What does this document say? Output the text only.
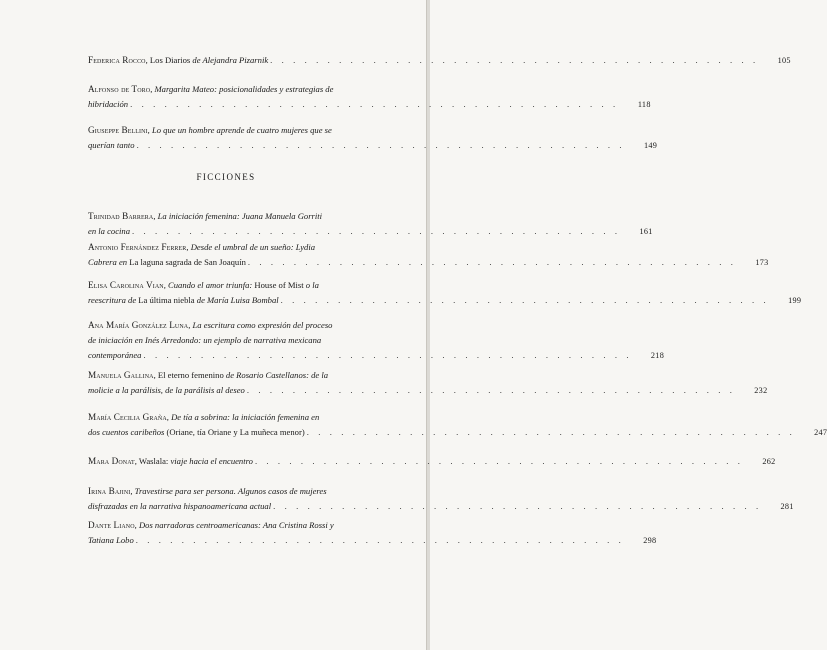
FICCIONES
Federica Rocco, Los Diarios de Alejandra Pizarnik . . . . . . . . . . . . . . . . . . . . . . . . . . . . . . . . . . . . . . . . . . .	105
Alfonso de Toro, Margarita Mateo: posicionalidades y estrategias de
hibridación . . . . . . . . . . . . . . . . . . . . . . . . . . . . . . . . . . . . . . . . . . .	118
Giuseppe Bellini, Lo que un hombre aprende de cuatro mujeres que se
querían tanto . . . . . . . . . . . . . . . . . . . . . . . . . . . . . . . . . . . . . . . . . . .	149
Trinidad Barrera, La iniciación femenina: Juana Manuela Gorriti
en la cocina . . . . . . . . . . . . . . . . . . . . . . . . . . . . . . . . . . . . . . . . . . .	161
Antonio Fernández Ferrer, Desde el umbral de un sueño: Lydia
Cabrera en La laguna sagrada de San Joaquín . . . . . . . . . . . . . . . . . . . . . . . . . . . . . . . . . . . . . . . . . . .	173
Elisa Carolina Vian, Cuando el amor triunfa: House of Mist o la
reescritura de La última niebla de María Luisa Bombal . . . . . . . . . . . . . . . . . . . . . . . . . . . . . . . . . . . . . . . . . . .	199
Ana María González Luna, La escritura como expresión del proceso
de iniciación en Inés Arredondo: un ejemplo de narrativa mexicana
contemporánea . . . . . . . . . . . . . . . . . . . . . . . . . . . . . . . . . . . . . . . . . . .	218
Manuela Gallina, El eterno femenino de Rosario Castellanos: de la
molicie a la parálisis, de la parálisis al deseo . . . . . . . . . . . . . . . . . . . . . . . . . . . . . . . . . . . . . . . . . . .	232
María Cecilia Graña, De tía a sobrina: la iniciación femenina en
dos cuentos caribeños (Oriane, tía Oriane y La muñeca menor) . . . . . . . . . . . . . . . . . . . . . . . . . . . . . . . . . . . . . . . . . . .	247
Mara Donat, Waslala: viaje hacia el encuentro . . . . . . . . . . . . . . . . . . . . . . . . . . . . . . . . . . . . . . . . . . .	262
Irina Bajini, Travestirse para ser persona. Algunos casos de mujeres
disfrazadas en la narrativa hispanoamericana actual . . . . . . . . . . . . . . . . . . . . . . . . . . . . . . . . . . . . . . . . . . .	281
Dante Liano, Dos narradoras centroamericanas: Ana Cristina Rossi y
Tatiana Lobo . . . . . . . . . . . . . . . . . . . . . . . . . . . . . . . . . . . . . . . . . . .	298
